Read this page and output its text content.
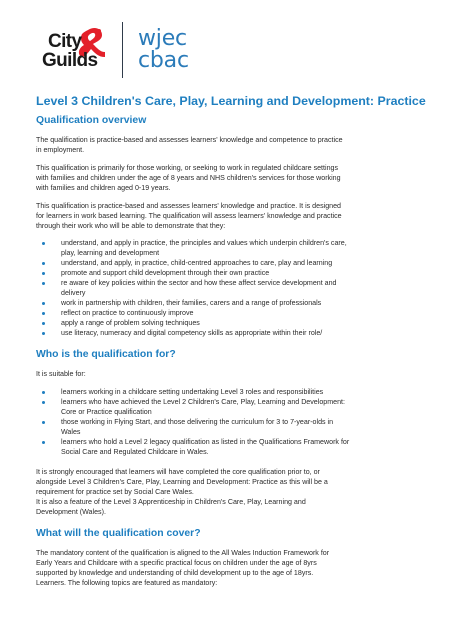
City
Guilds
wjec
cbac
Level 3 Children's Care, Play, Learning and Development: Practice
Qualification overview

The qualification is practice-based and assesses learners' knowledge and competence to practice
in employment.

This qualification is primarily for those working, or seeking to work in regulated childcare settings
with families and children under the age of 8 years and NHS children's services for those working
with families and children aged 0-19 years.

This qualification is practice-based and assesses learners' knowledge and practice. It is designed
for learners in work based learning. The qualification will assess learners' knowledge and practice
through their work who will be able to demonstrate that they:

understand, and apply in practice, the principles and values which underpin children's care,
play, learning and development
understand, and apply, in practice, child-centred approaches to care, play and learning
promote and support child development through their own practice
re aware of key policies within the sector and how these affect service development and
delivery
work in partnership with children, their families, carers and a range of professionals
reflect on practice to continuously improve
apply a range of problem solving techniques
use literacy, numeracy and digital competency skills as appropriate within their role/
Who is the qualification for?

It is suitable for:

learners working in a childcare setting undertaking Level 3 roles and responsibilities
learners who have achieved the Level 2 Children's Care, Play, Learning and Development:
Core or Practice qualification
those working in Flying Start, and those delivering the curriculum for 3 to 7-year-olds in
Wales
learners who hold a Level 2 legacy qualification as listed in the Qualifications Framework for
Social Care and Regulated Childcare in Wales.

It is strongly encouraged that learners will have completed the core qualification prior to, or
alongside Level 3 Children's Care, Play, Learning and Development: Practice as this will be a
requirement for practice set by Social Care Wales.
It is also a feature of the Level 3 Apprenticeship in Children's Care, Play, Learning and
Development (Wales).

What will the qualification cover?

The mandatory content of the qualification is aligned to the All Wales Induction Framework for
Early Years and Childcare with a specific practical focus on children under the age of 8yrs
supported by knowledge and understanding of child development up to the age of 18yrs.
Learners. The following topics are featured as mandatory:
